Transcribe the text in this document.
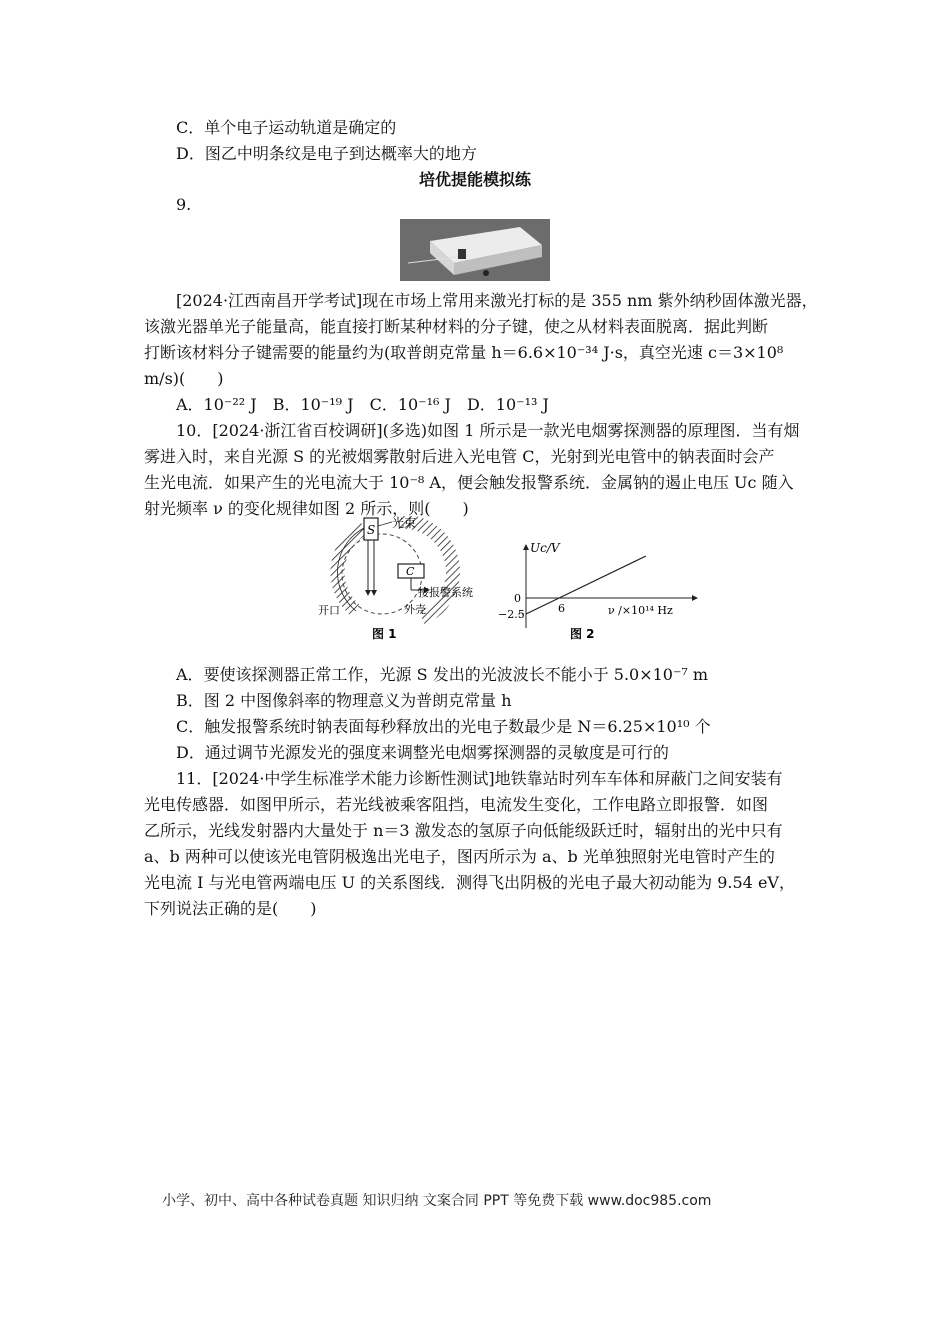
C．单个电子运动轨道是确定的
D．图乙中明条纹是电子到达概率大的地方
培优提能模拟练
9.
[2024·江西南昌开学考试]现在市场上常用来激光打标的是 355 nm 紫外纳秒固体激光器，
该激光器单光子能量高，能直接打断某种材料的分子键，使之从材料表面脱离．据此判断
打断该材料分子键需要的能量约为(取普朗克常量 h＝6.6×10⁻³⁴ J·s，真空光速 c＝3×10⁸
m/s)(　　)
A．10⁻²² J　B．10⁻¹⁹ J　C．10⁻¹⁶ J　D．10⁻¹³ J
10．[2024·浙江省百校调研](多选)如图 1 所示是一款光电烟雾探测器的原理图．当有烟
雾进入时，来自光源 S 的光被烟雾散射后进入光电管 C，光射到光电管中的钠表面时会产
生光电流．如果产生的光电流大于 10⁻⁸ A，便会触发报警系统．金属钠的遏止电压 Uc 随入
射光频率 ν 的变化规律如图 2 所示，则(　　)
S
C
光束
接报警系统
开口	外壳
图 1
Uc/V
0
−2.5	6	ν /×10¹⁴ Hz
图 2
A．要使该探测器正常工作，光源 S 发出的光波波长不能小于 5.0×10⁻⁷ m
B．图 2 中图像斜率的物理意义为普朗克常量 h
C．触发报警系统时钠表面每秒释放出的光电子数最少是 N＝6.25×10¹⁰ 个
D．通过调节光源发光的强度来调整光电烟雾探测器的灵敏度是可行的
11．[2024·中学生标准学术能力诊断性测试]地铁靠站时列车车体和屏蔽门之间安装有
光电传感器．如图甲所示，若光线被乘客阻挡，电流发生变化，工作电路立即报警．如图
乙所示，光线发射器内大量处于 n＝3 激发态的氢原子向低能级跃迁时，辐射出的光中只有
a、b 两种可以使该光电管阴极逸出光电子，图丙所示为 a、b 光单独照射光电管时产生的
光电流 I 与光电管两端电压 U 的关系图线．测得飞出阴极的光电子最大初动能为 9.54 eV，
下列说法正确的是(　　)
小学、初中、高中各种试卷真题 知识归纳 文案合同 PPT 等免费下载 www.doc985.com
